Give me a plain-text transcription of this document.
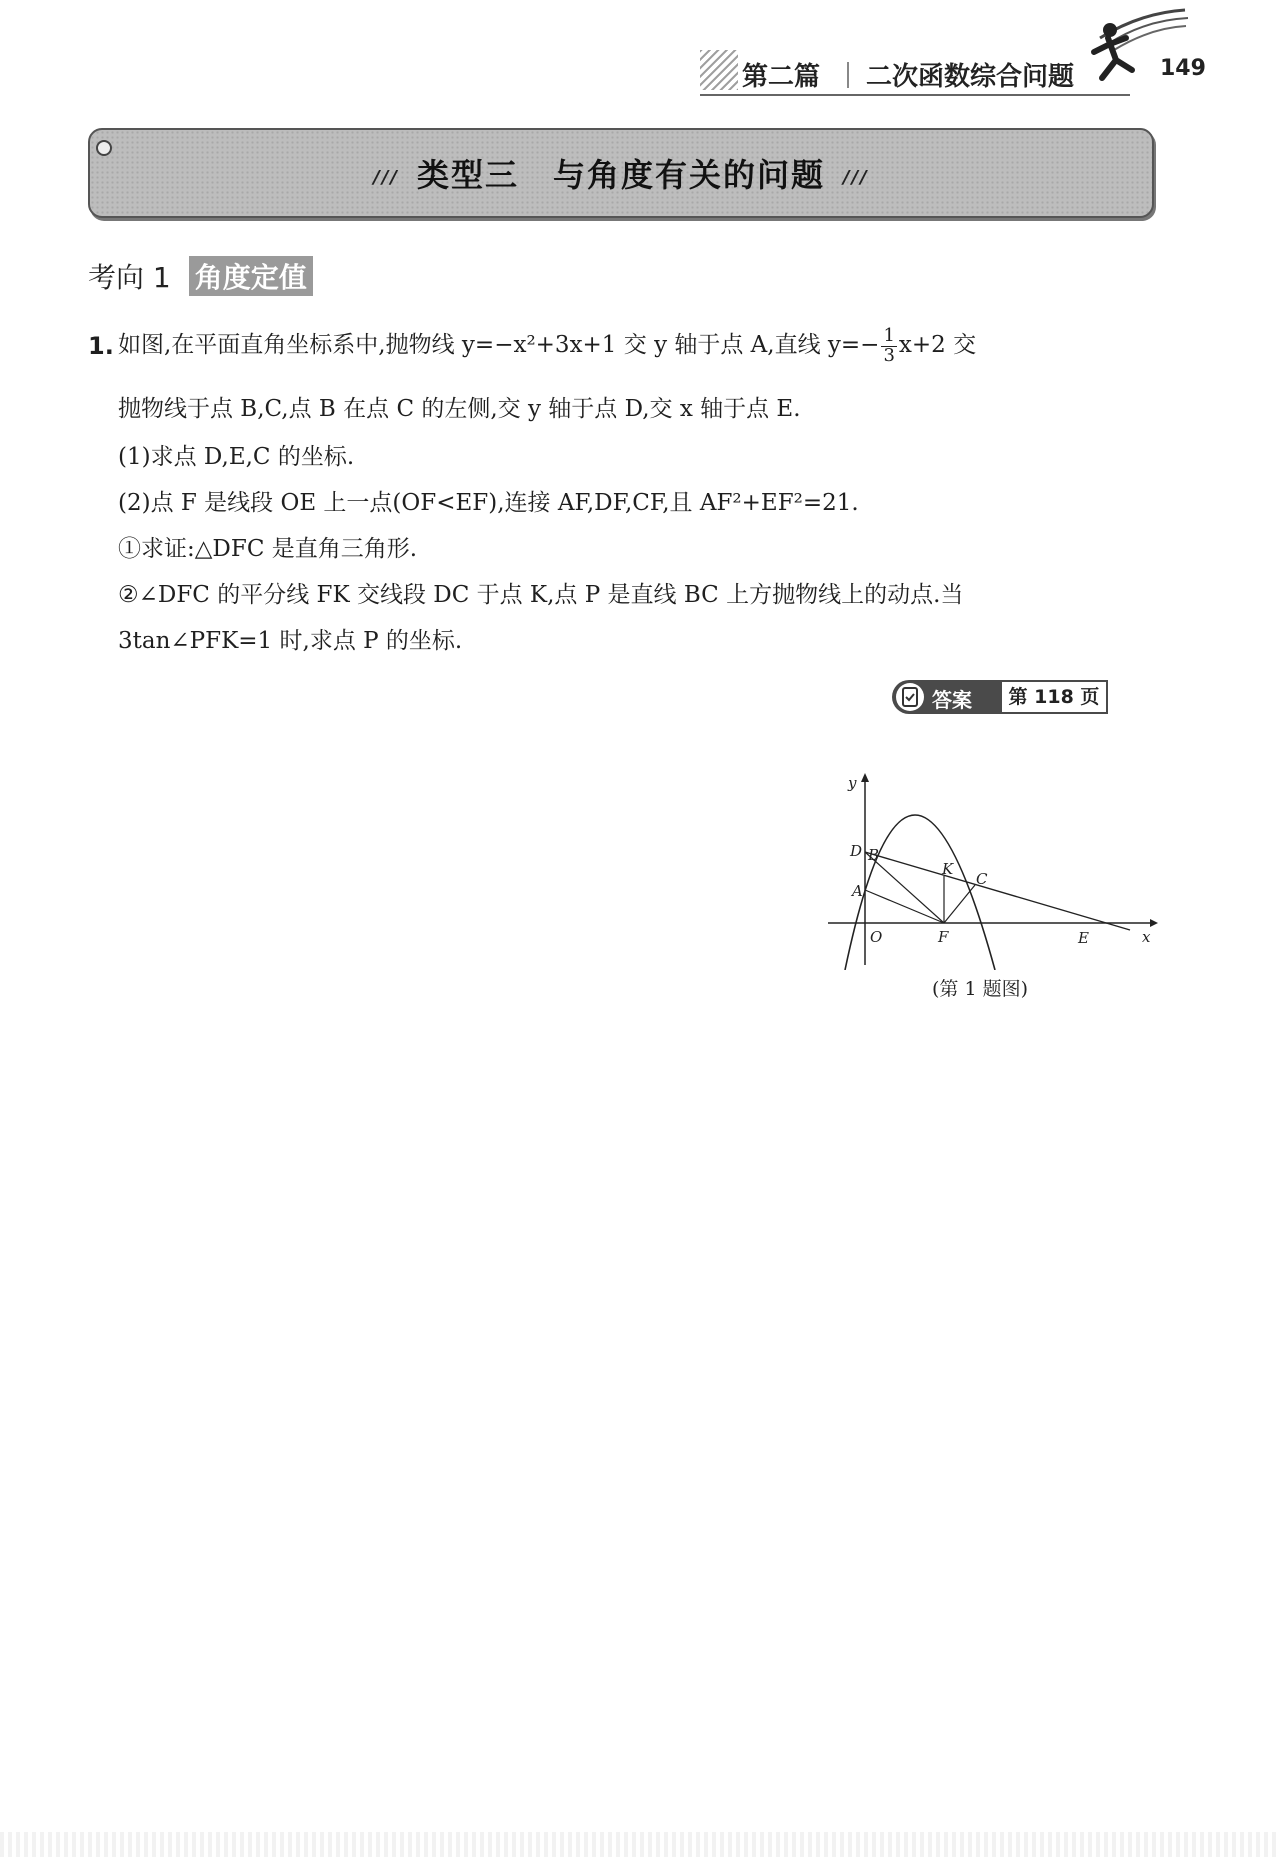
第二篇 二次函数综合问题	149
/// 类型三　与角度有关的问题 ///
考向 1 角度定值
1. 如图,在平面直角坐标系中,抛物线 y=−x²+3x+1 交 y 轴于点 A,直线 $y=- \frac{1}{3} x+2$ 交
抛物线于点 B,C,点 B 在点 C 的左侧,交 y 轴于点 D,交 x 轴于点 E.
(1)求点 D,E,C 的坐标.
(2)点 F 是线段 OE 上一点(OF<EF),连接 AF,DF,CF,且 AF²+EF²=21.
①求证:△DFC 是直角三角形.
②∠DFC 的平分线 FK 交线段 DC 于点 K,点 P 是直线 BC 上方抛物线上的动点.当
3tan∠PFK=1 时,求点 P 的坐标.
答案	第 118 页
y
x
D B
A
K
C
O	F	E
(第 1 题图)
